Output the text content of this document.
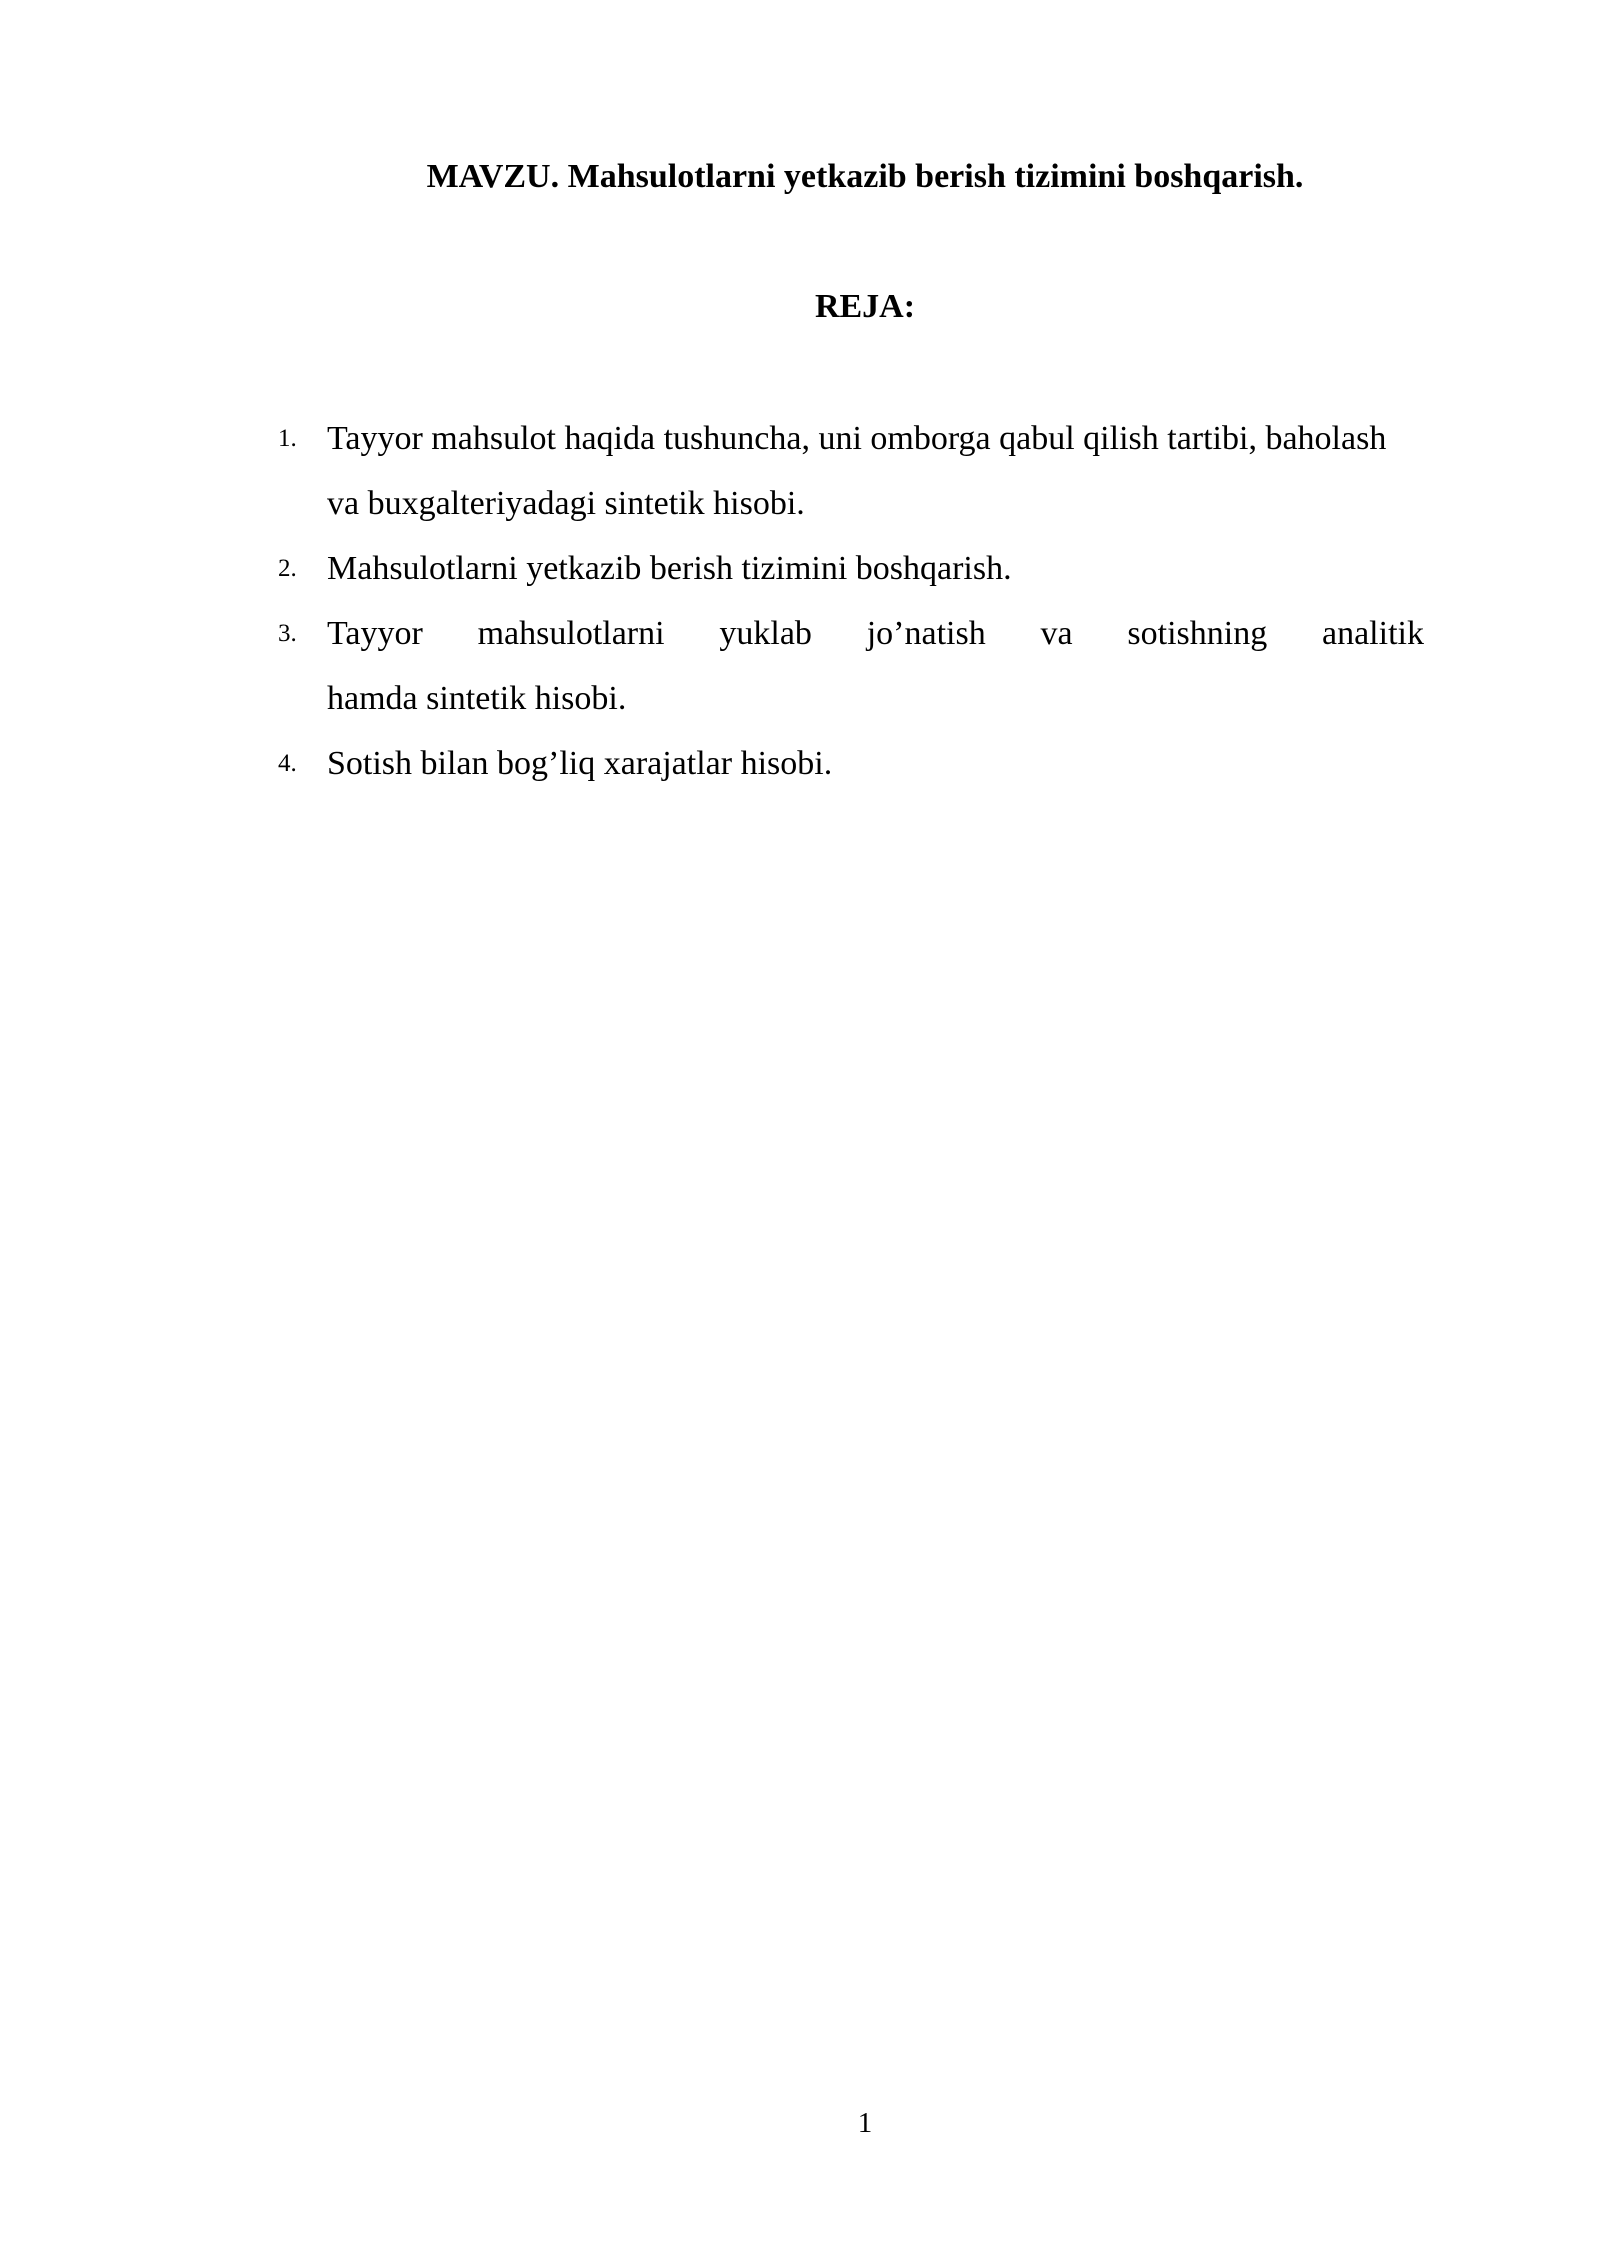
MAVZU. Mahsulotlarni yetkazib berish tizimini boshqarish.
REJA:
1. Tayyor mahsulot haqida tushuncha, uni omborga qabul qilish tartibi, baholash
va buxgalteriyadagi sintetik hisobi.
2. Mahsulotlarni yetkazib berish tizimini boshqarish.
3. Tayyor mahsulotlarni yuklab jo’natish va sotishning analitik
hamda sintetik hisobi.
4. Sotish bilan bog’liq xarajatlar hisobi.
1
